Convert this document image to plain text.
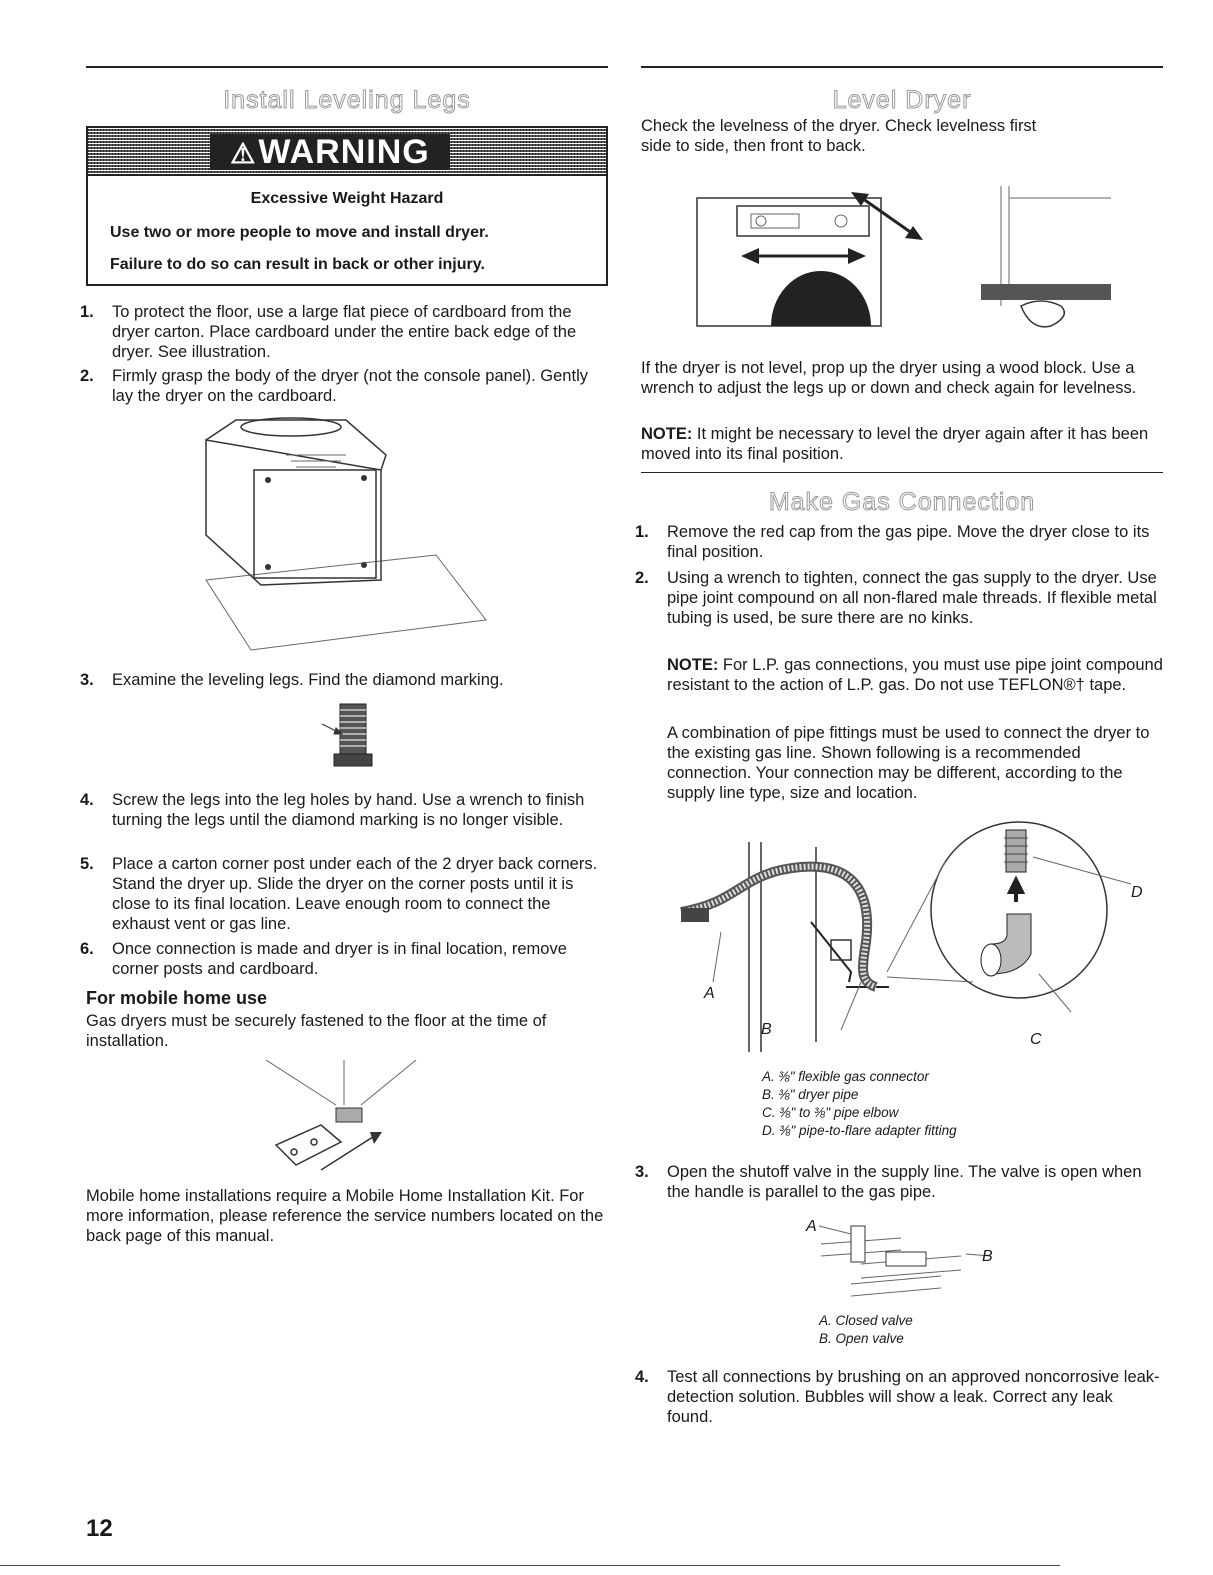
Install Leveling Legs
⚠WARNING
Excessive Weight Hazard
Use two or more people to move and install dryer.
Failure to do so can result in back or other injury.
1.	To protect the floor, use a large flat piece of cardboard from the dryer carton. Place cardboard under the entire back edge of the dryer. See illustration.
2.	Firmly grasp the body of the dryer (not the console panel). Gently lay the dryer on the cardboard.
3.	Examine the leveling legs. Find the diamond marking.
4.	Screw the legs into the leg holes by hand. Use a wrench to finish turning the legs until the diamond marking is no longer visible.
5.	Place a carton corner post under each of the 2 dryer back corners. Stand the dryer up. Slide the dryer on the corner posts until it is close to its final location. Leave enough room to connect the exhaust vent or gas line.
6.	Once connection is made and dryer is in final location, remove corner posts and cardboard.
For mobile home use

Gas dryers must be securely fastened to the floor at the time of installation.

Mobile home installations require a Mobile Home Installation Kit. For more information, please reference the service numbers located on the back page of this manual.

Level Dryer

Check the levelness of the dryer. Check levelness first side to side, then front to back.

If the dryer is not level, prop up the dryer using a wood block. Use a wrench to adjust the legs up or down and check again for levelness.

NOTE: It might be necessary to level the dryer again after it has been moved into its final position.

Make Gas Connection
1.	Remove the red cap from the gas pipe. Move the dryer close to its final position.
2.	Using a wrench to tighten, connect the gas supply to the dryer. Use pipe joint compound on all non-flared male threads. If flexible metal tubing is used, be sure there are no kinks.

NOTE: For L.P. gas connections, you must use pipe joint compound resistant to the action of L.P. gas. Do not use TEFLON®† tape.

A combination of pipe fittings must be used to connect the dryer to the existing gas line. Shown following is a recommended connection. Your connection may be different, according to the supply line type, size and location.

A
B
C
D
A. ⅜" flexible gas connector
B. ⅜" dryer pipe
C. ⅜" to ⅜" pipe elbow
D. ⅜" pipe-to-flare adapter fitting
3.	Open the shutoff valve in the supply line. The valve is open when the handle is parallel to the gas pipe.
A
B
A. Closed valve
B. Open valve
4.	Test all connections by brushing on an approved noncorrosive leak-detection solution. Bubbles will show a leak. Correct any leak found.
12
